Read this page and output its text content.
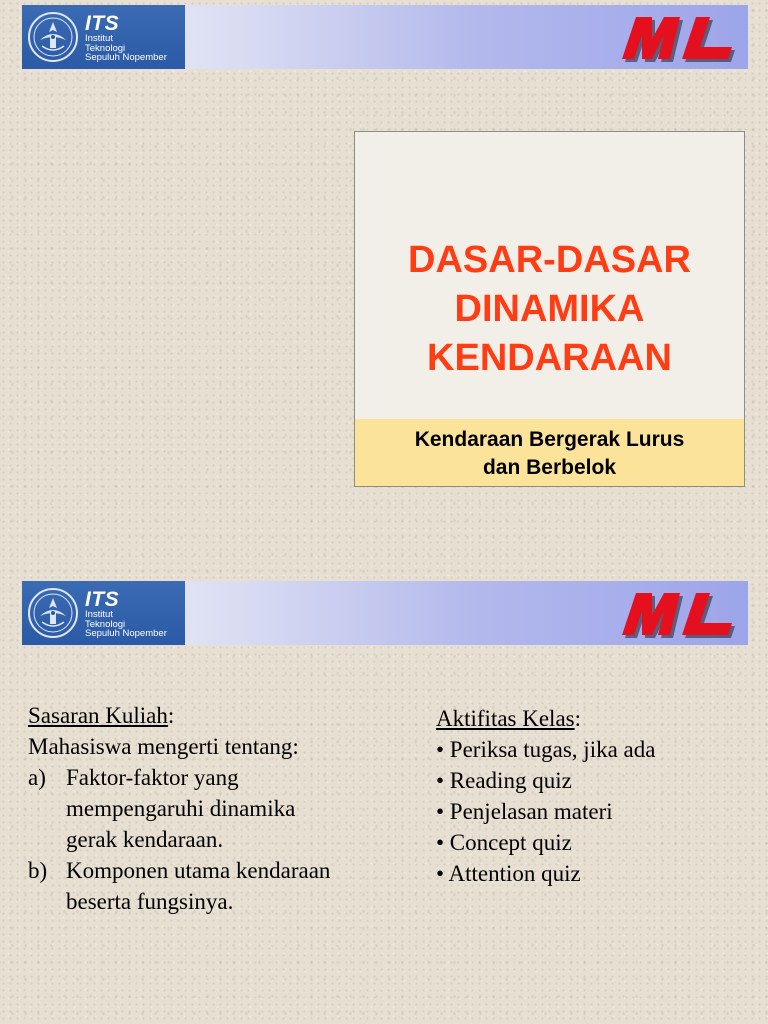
ITS
Institut
Teknologi
Sepuluh Nopember
DASAR-DASAR
DINAMIKA
KENDARAAN
Kendaraan Bergerak Lurus
dan Berbelok
ITS
Institut
Teknologi
Sepuluh Nopember
Sasaran Kuliah:
Mahasiswa mengerti tentang:
a) Faktor-faktor yang
mempengaruhi dinamika
gerak kendaraan.
b) Komponen utama kendaraan
beserta fungsinya.
Aktifitas Kelas:
• Periksa tugas, jika ada
• Reading quiz
• Penjelasan materi
• Concept quiz
• Attention quiz
